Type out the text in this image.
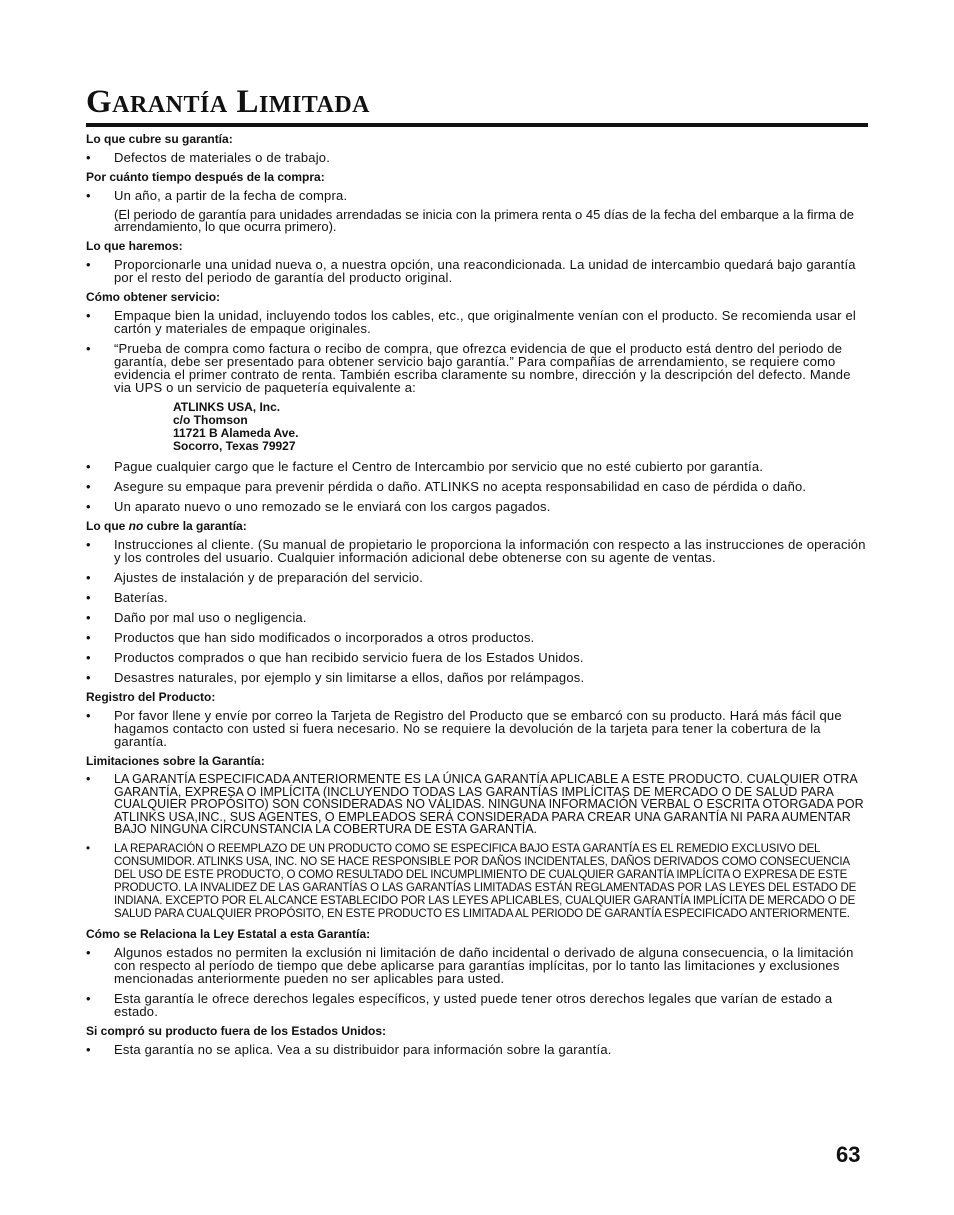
GARANTÍA LIMITADA
Lo que cubre su garantía:
• Defectos de materiales o de trabajo.
Por cuánto tiempo después de la compra:
• Un año, a partir de la fecha de compra.
(El periodo de garantía para unidades arrendadas se inicia con la primera renta o 45 días de la fecha del embarque a la firma de arrendamiento, lo que ocurra primero).
Lo que haremos:
• Proporcionarle una unidad nueva o, a nuestra opción, una reacondicionada. La unidad de intercambio quedará bajo garantía por el resto del periodo de garantía del producto original.
Cómo obtener servicio:
• Empaque bien la unidad, incluyendo todos los cables, etc., que originalmente venían con el producto. Se recomienda usar el cartón y materiales de empaque originales.
• “Prueba de compra como factura o recibo de compra, que ofrezca evidencia de que el producto está dentro del periodo de garantía, debe ser presentado para obtener servicio bajo garantía.” Para compañías de arrendamiento, se requiere como evidencia el primer contrato de renta. También escriba claramente su nombre, dirección y la descripción del defecto. Mande via UPS o un servicio de paquetería equivalente a:
ATLINKS USA, Inc.
c/o Thomson
11721 B Alameda Ave.
Socorro, Texas 79927
• Pague cualquier cargo que le facture el Centro de Intercambio por servicio que no esté cubierto por garantía.
• Asegure su empaque para prevenir pérdida o daño. ATLINKS no acepta responsabilidad en caso de pérdida o daño.
• Un aparato nuevo o uno remozado se le enviará con los cargos pagados.
Lo que no cubre la garantía:
• Instrucciones al cliente. (Su manual de propietario le proporciona la información con respecto a las instrucciones de operación y los controles del usuario. Cualquier información adicional debe obtenerse con su agente de ventas.
• Ajustes de instalación y de preparación del servicio.
• Baterías.
• Daño por mal uso o negligencia.
• Productos que han sido modificados o incorporados a otros productos.
• Productos comprados o que han recibido servicio fuera de los Estados Unidos.
• Desastres naturales, por ejemplo y sin limitarse a ellos, daños por relámpagos.
Registro del Producto:
• Por favor llene y envíe por correo la Tarjeta de Registro del Producto que se embarcó con su producto. Hará más fácil que hagamos contacto con usted si fuera necesario. No se requiere la devolución de la tarjeta para tener la cobertura de la garantía.
Limitaciones sobre la Garantía:
• LA GARANTÍA ESPECIFICADA ANTERIORMENTE ES LA ÚNICA GARANTÍA APLICABLE A ESTE PRODUCTO. CUALQUIER OTRA GARANTÍA, EXPRESA O IMPLÍCITA (INCLUYENDO TODAS LAS GARANTÍAS IMPLÍCITAS DE MERCADO O DE SALUD PARA CUALQUIER PROPÓSITO) SON CONSIDERADAS NO VÁLIDAS. NINGUNA INFORMACIÓN VERBAL O ESCRITA OTORGADA POR ATLINKS USA,INC., SUS AGENTES, O EMPLEADOS SERÁ CONSIDERADA PARA CREAR UNA GARANTÍA NI PARA AUMENTAR BAJO NINGUNA CIRCUNSTANCIA LA COBERTURA DE ESTA GARANTÍA.
• LA REPARACIÓN O REEMPLAZO DE UN PRODUCTO COMO SE ESPECIFICA BAJO ESTA GARANTÍA ES EL REMEDIO EXCLUSIVO DEL CONSUMIDOR. ATLINKS USA, INC. NO SE HACE RESPONSIBLE POR DAÑOS INCIDENTALES, DAÑOS DERIVADOS COMO CONSECUENCIA DEL USO DE ESTE PRODUCTO, O COMO RESULTADO DEL INCUMPLIMIENTO DE CUALQUIER GARANTÍA IMPLÍCITA O EXPRESA DE ESTE PRODUCTO. LA INVALIDEZ DE LAS GARANTÍAS O LAS GARANTÍAS LIMITADAS ESTÁN REGLAMENTADAS POR LAS LEYES DEL ESTADO DE INDIANA. EXCEPTO POR EL ALCANCE ESTABLECIDO POR LAS LEYES APLICABLES, CUALQUIER GARANTÍA IMPLÍCITA DE MERCADO O DE SALUD PARA CUALQUIER PROPÓSITO, EN ESTE PRODUCTO ES LIMITADA AL PERIODO DE GARANTÍA ESPECIFICADO ANTERIORMENTE.
Cómo se Relaciona la Ley Estatal a esta Garantía:
• Algunos estados no permiten la exclusión ni limitación de daño incidental o derivado de alguna consecuencia, o la limitación con respecto al período de tiempo que debe aplicarse para garantías implícitas, por lo tanto las limitaciones y exclusiones mencionadas anteriormente pueden no ser aplicables para usted.
• Esta garantía le ofrece derechos legales específicos, y usted puede tener otros derechos legales que varían de estado a estado.
Si compró su producto fuera de los Estados Unidos:
• Esta garantía no se aplica. Vea a su distribuidor para información sobre la garantía.
63
